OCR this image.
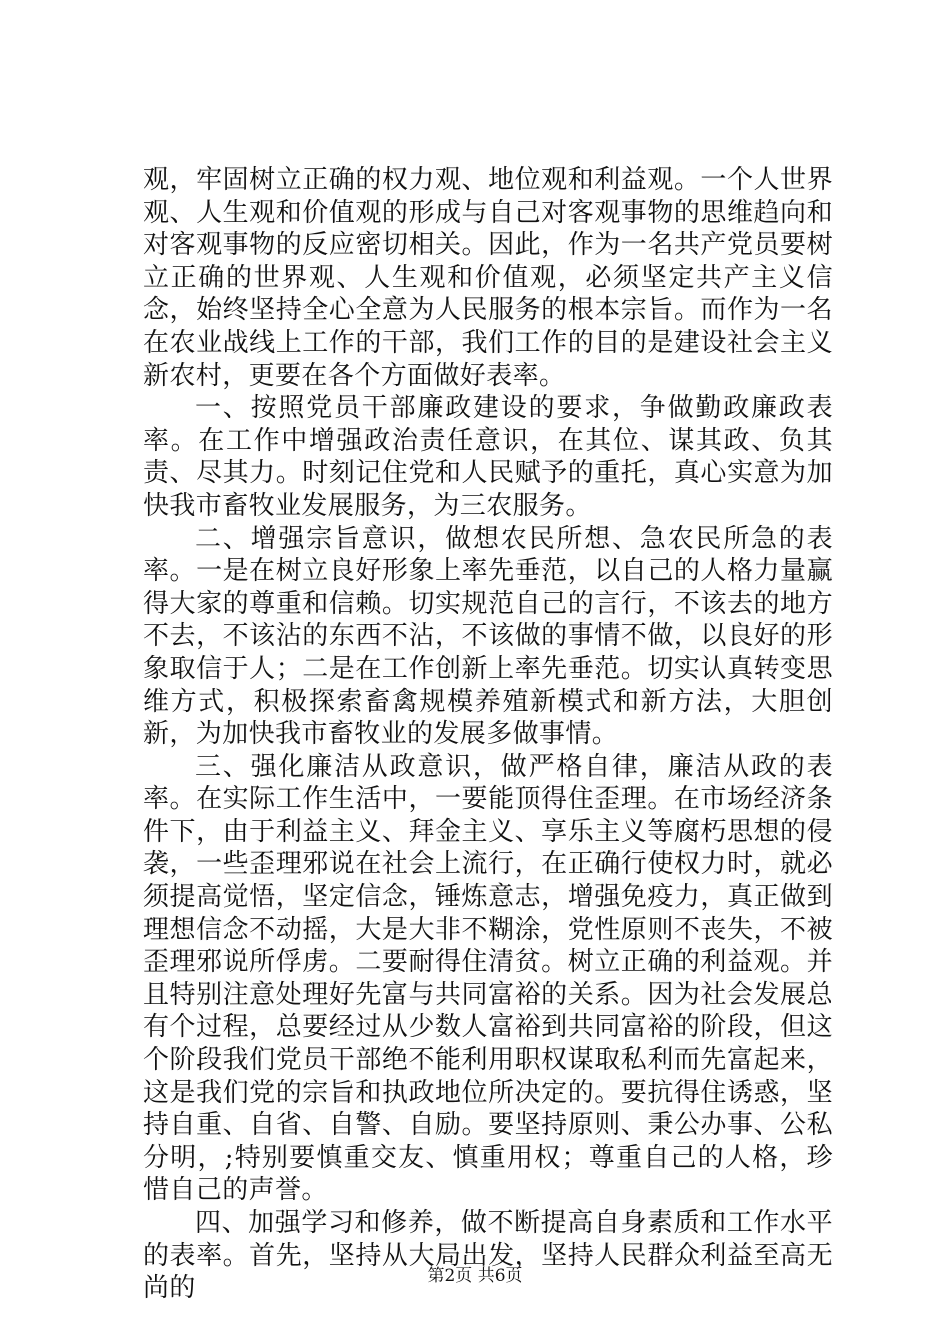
观，牢固树立正确的权力观、地位观和利益观。一个人世界观、人生观和价值观的形成与自己对客观事物的思维趋向和对客观事物的反应密切相关。因此，作为一名共产党员要树立正确的世界观、人生观和价值观，必须坚定共产主义信念，始终坚持全心全意为人民服务的根本宗旨。而作为一名在农业战线上工作的干部，我们工作的目的是建设社会主义新农村，更要在各个方面做好表率。

一、按照党员干部廉政建设的要求，争做勤政廉政表率。在工作中增强政治责任意识，在其位、谋其政、负其责、尽其力。时刻记住党和人民赋予的重托，真心实意为加快我市畜牧业发展服务，为三农服务。

二、增强宗旨意识，做想农民所想、急农民所急的表率。一是在树立良好形象上率先垂范，以自己的人格力量赢得大家的尊重和信赖。切实规范自己的言行，不该去的地方不去，不该沾的东西不沾，不该做的事情不做，以良好的形象取信于人；二是在工作创新上率先垂范。切实认真转变思维方式，积极探索畜禽规模养殖新模式和新方法，大胆创新，为加快我市畜牧业的发展多做事情。

三、强化廉洁从政意识，做严格自律，廉洁从政的表率。在实际工作生活中，一要能顶得住歪理。在市场经济条件下，由于利益主义、拜金主义、享乐主义等腐朽思想的侵袭，一些歪理邪说在社会上流行，在正确行使权力时，就必须提高觉悟，坚定信念，锤炼意志，增强免疫力，真正做到理想信念不动摇，大是大非不糊涂，党性原则不丧失，不被歪理邪说所俘虏。二要耐得住清贫。树立正确的利益观。并且特别注意处理好先富与共同富裕的关系。因为社会发展总有个过程，总要经过从少数人富裕到共同富裕的阶段，但这个阶段我们党员干部绝不能利用职权谋取私利而先富起来，这是我们党的宗旨和执政地位所决定的。要抗得住诱惑，坚持自重、自省、自警、自励。要坚持原则、秉公办事、公私分明，;特别要慎重交友、慎重用权；尊重自己的人格，珍惜自己的声誉。

四、加强学习和修养，做不断提高自身素质和工作水平的表率。首先，坚持从大局出发，坚持人民群众利益至高无尚的	第2页 共6页
